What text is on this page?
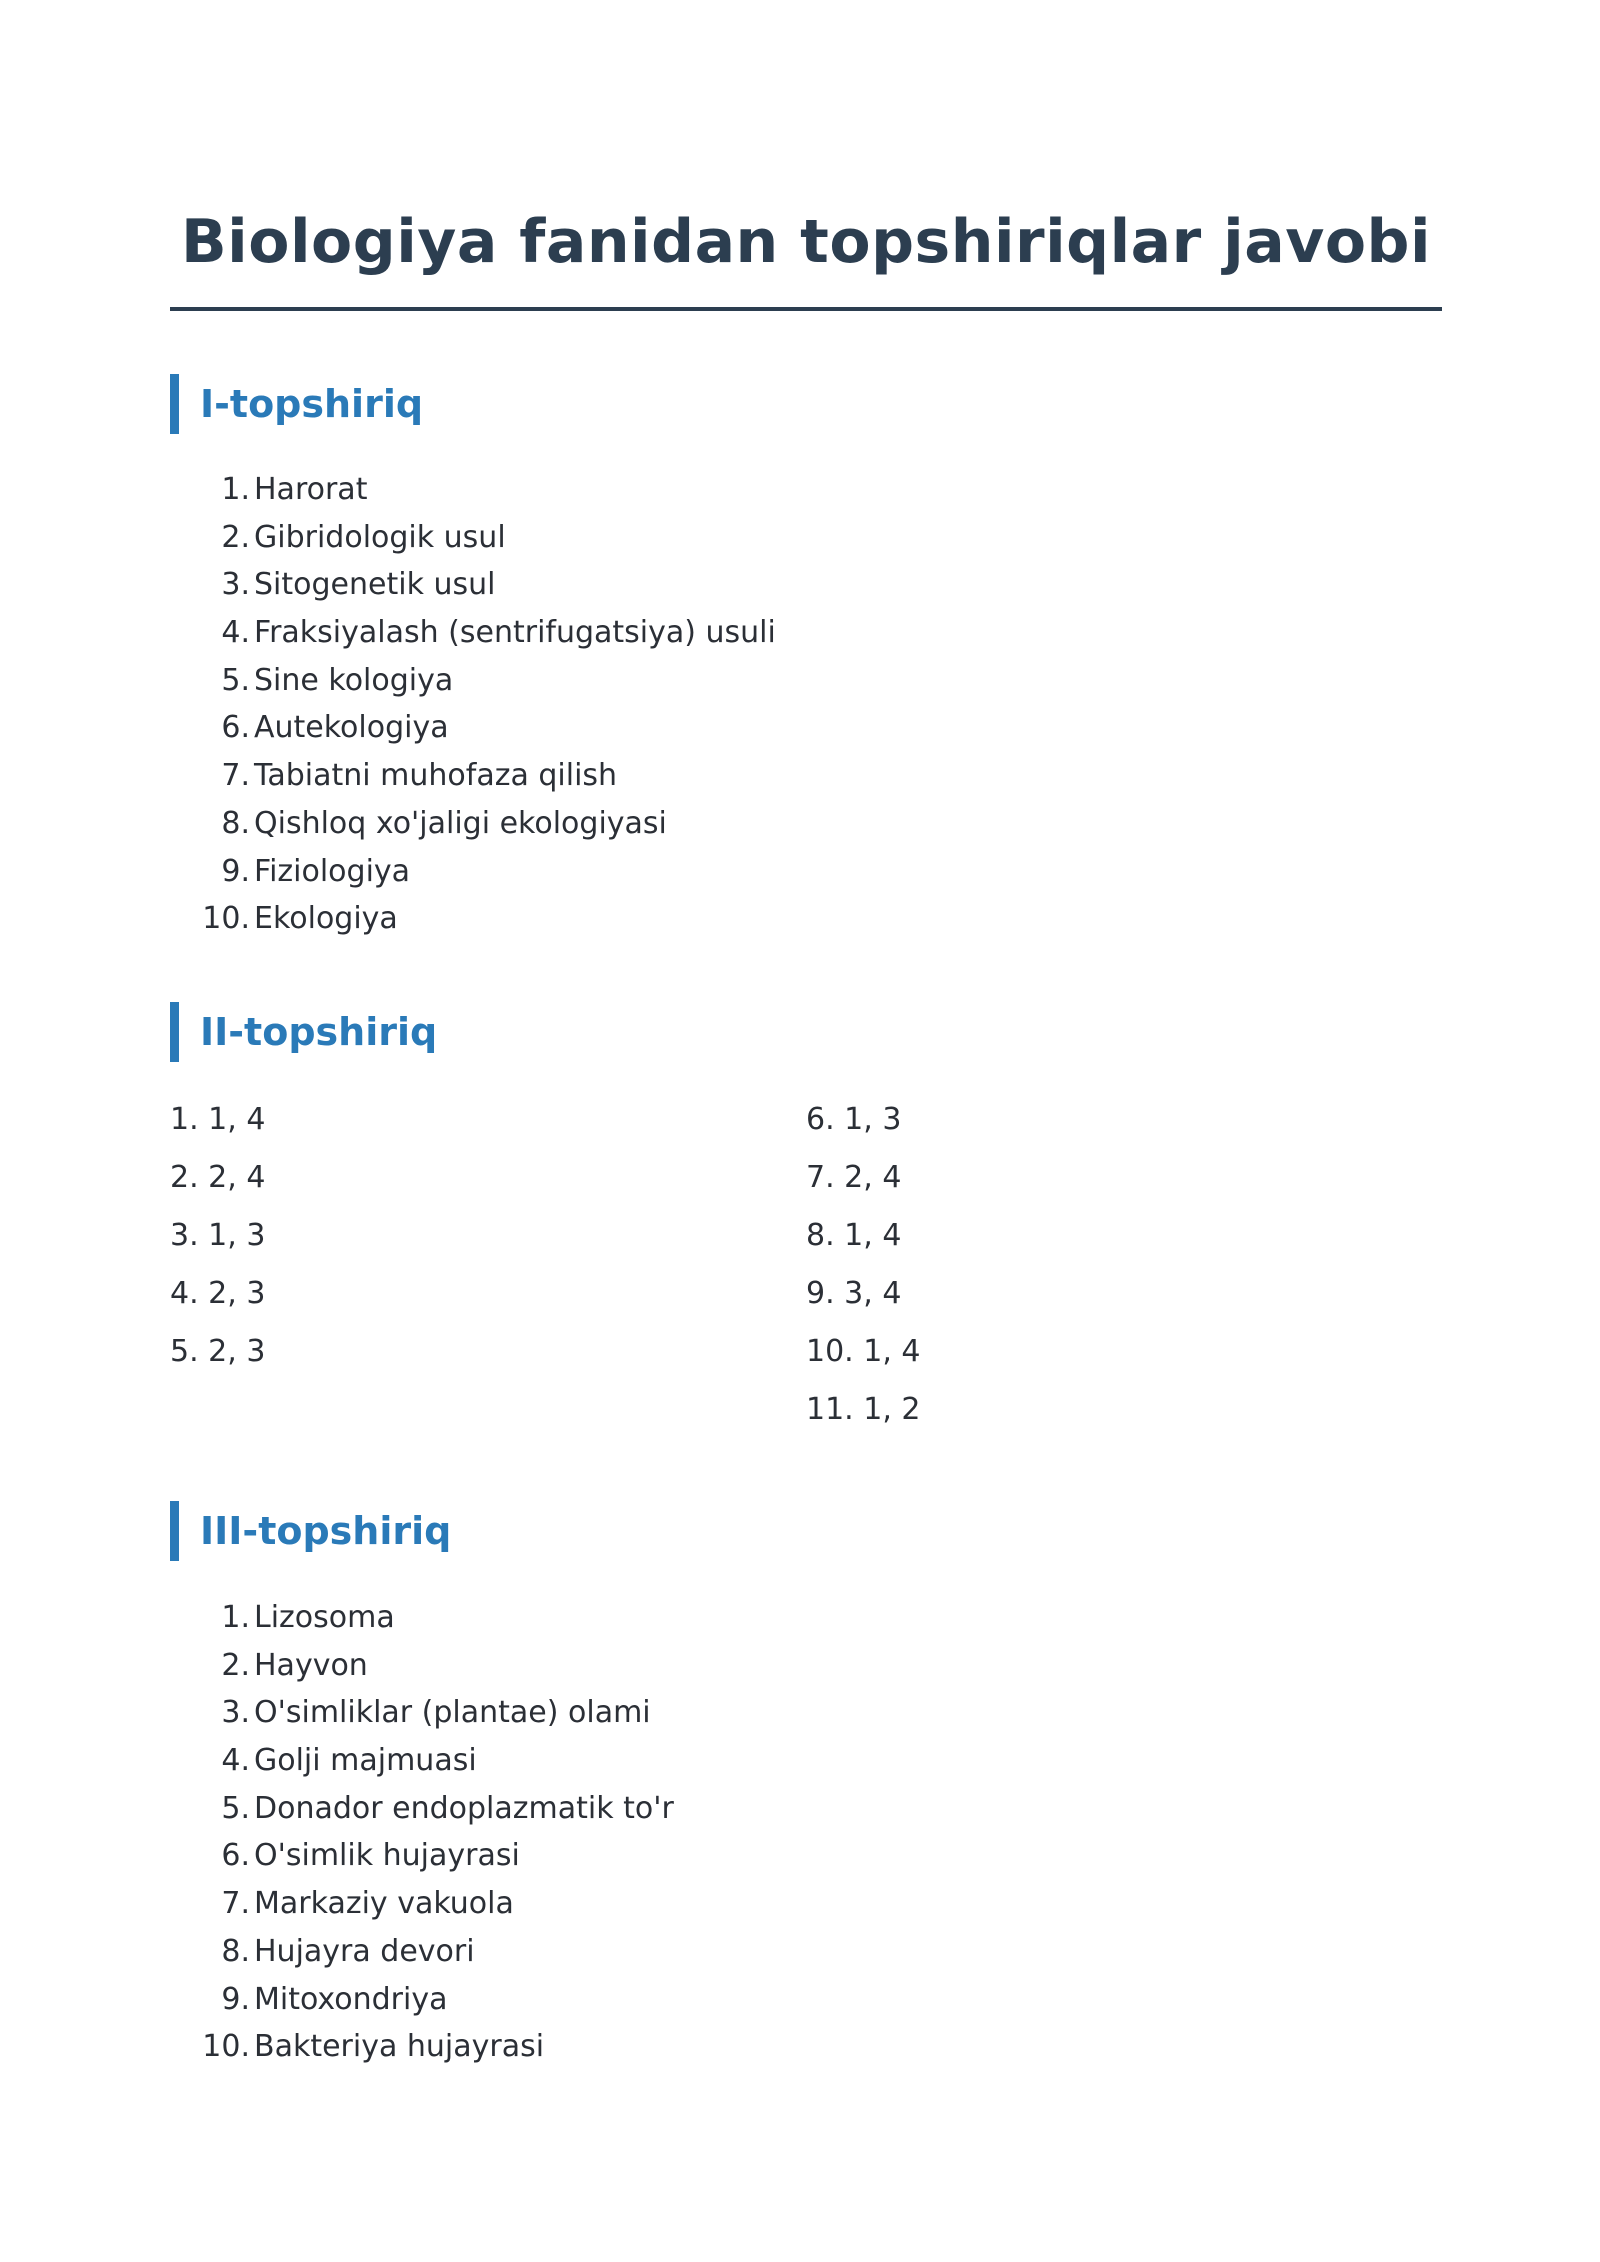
Biologiya fanidan topshiriqlar javobi
I-topshiriq
1. Harorat
2. Gibridologik usul
3. Sitogenetik usul
4. Fraksiyalash (sentrifugatsiya) usuli
5. Sine kologiya
6. Autekologiya
7. Tabiatni muhofaza qilish
8. Qishloq xo'jaligi ekologiyasi
9. Fiziologiya
10. Ekologiya
II-topshiriq
1. 1, 4
2. 2, 4
3. 1, 3
4. 2, 3
5. 2, 3
6. 1, 3
7. 2, 4
8. 1, 4
9. 3, 4
10. 1, 4
11. 1, 2
III-topshiriq
1. Lizosoma
2. Hayvon
3. O'simliklar (plantae) olami
4. Golji majmuasi
5. Donador endoplazmatik to'r
6. O'simlik hujayrasi
7. Markaziy vakuola
8. Hujayra devori
9. Mitoxondriya
10. Bakteriya hujayrasi
